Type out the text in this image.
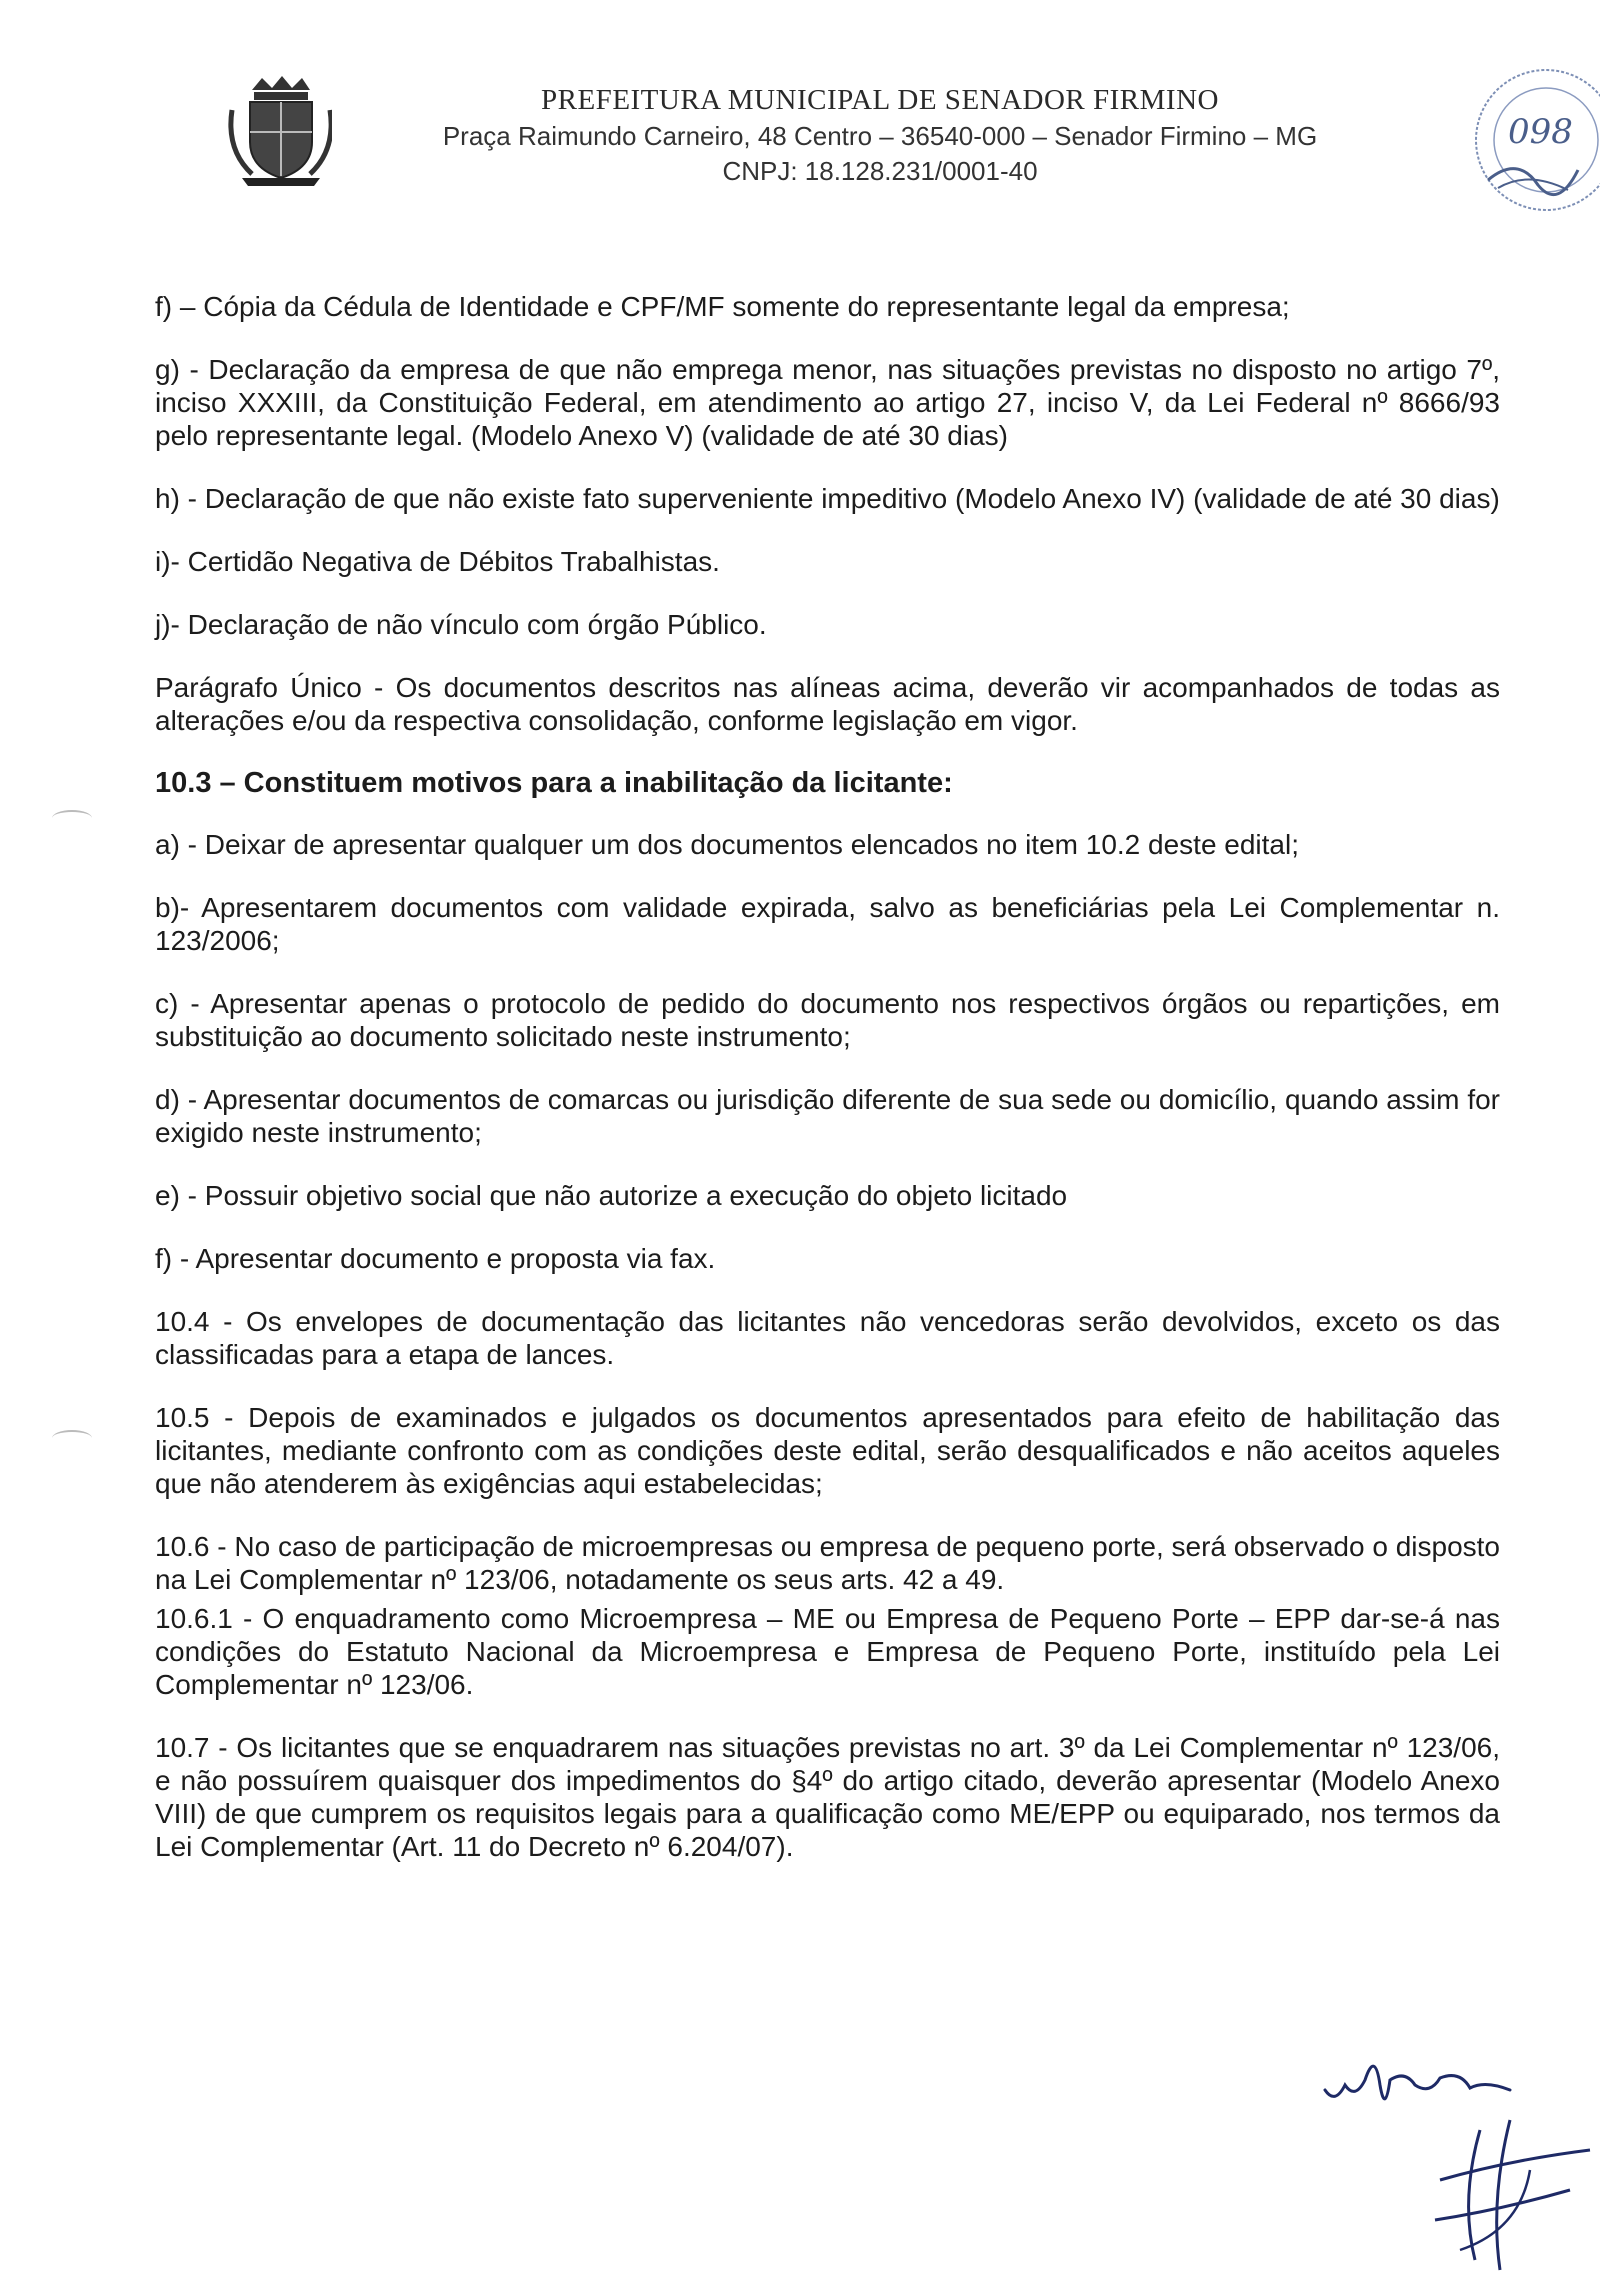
PREFEITURA MUNICIPAL DE SENADOR FIRMINO
Praça Raimundo Carneiro, 48 Centro – 36540-000 – Senador Firmino – MG
CNPJ: 18.128.231/0001-40
098

f) – Cópia da Cédula de Identidade e CPF/MF somente do representante legal da empresa;

g) - Declaração da empresa de que não emprega menor, nas situações previstas no disposto no artigo 7º, inciso XXXIII, da Constituição Federal, em atendimento ao artigo 27, inciso V, da Lei Federal nº 8666/93 pelo representante legal. (Modelo Anexo V) (validade de até 30 dias)

h) - Declaração de que não existe fato superveniente impeditivo (Modelo Anexo IV) (validade de até 30 dias)

i)- Certidão Negativa de Débitos Trabalhistas.

j)- Declaração de não vínculo com órgão Público.

Parágrafo Único - Os documentos descritos nas alíneas acima, deverão vir acompanhados de todas as alterações e/ou da respectiva consolidação, conforme legislação em vigor.

10.3 – Constituem motivos para a inabilitação da licitante:

a) - Deixar de apresentar qualquer um dos documentos elencados no item 10.2 deste edital;

b)- Apresentarem documentos com validade expirada, salvo as beneficiárias pela Lei Complementar n. 123/2006;

c) - Apresentar apenas o protocolo de pedido do documento nos respectivos órgãos ou repartições, em substituição ao documento solicitado neste instrumento;

d) - Apresentar documentos de comarcas ou jurisdição diferente de sua sede ou domicílio, quando assim for exigido neste instrumento;

e) - Possuir objetivo social que não autorize a execução do objeto licitado

f) - Apresentar documento e proposta via fax.

10.4 - Os envelopes de documentação das licitantes não vencedoras serão devolvidos, exceto os das classificadas para a etapa de lances.

10.5 - Depois de examinados e julgados os documentos apresentados para efeito de habilitação das licitantes, mediante confronto com as condições deste edital, serão desqualificados e não aceitos aqueles que não atenderem às exigências aqui estabelecidas;

10.6 - No caso de participação de microempresas ou empresa de pequeno porte, será observado o disposto na Lei Complementar nº 123/06, notadamente os seus arts. 42 a 49.

10.6.1 - O enquadramento como Microempresa – ME ou Empresa de Pequeno Porte – EPP dar-se-á nas condições do Estatuto Nacional da Microempresa e Empresa de Pequeno Porte, instituído pela Lei Complementar nº 123/06.

10.7 - Os licitantes que se enquadrarem nas situações previstas no art. 3º da Lei Complementar nº 123/06, e não possuírem quaisquer dos impedimentos do §4º do artigo citado, deverão apresentar (Modelo Anexo VIII) de que cumprem os requisitos legais para a qualificação como ME/EPP ou equiparado, nos termos da Lei Complementar (Art. 11 do Decreto nº 6.204/07).
